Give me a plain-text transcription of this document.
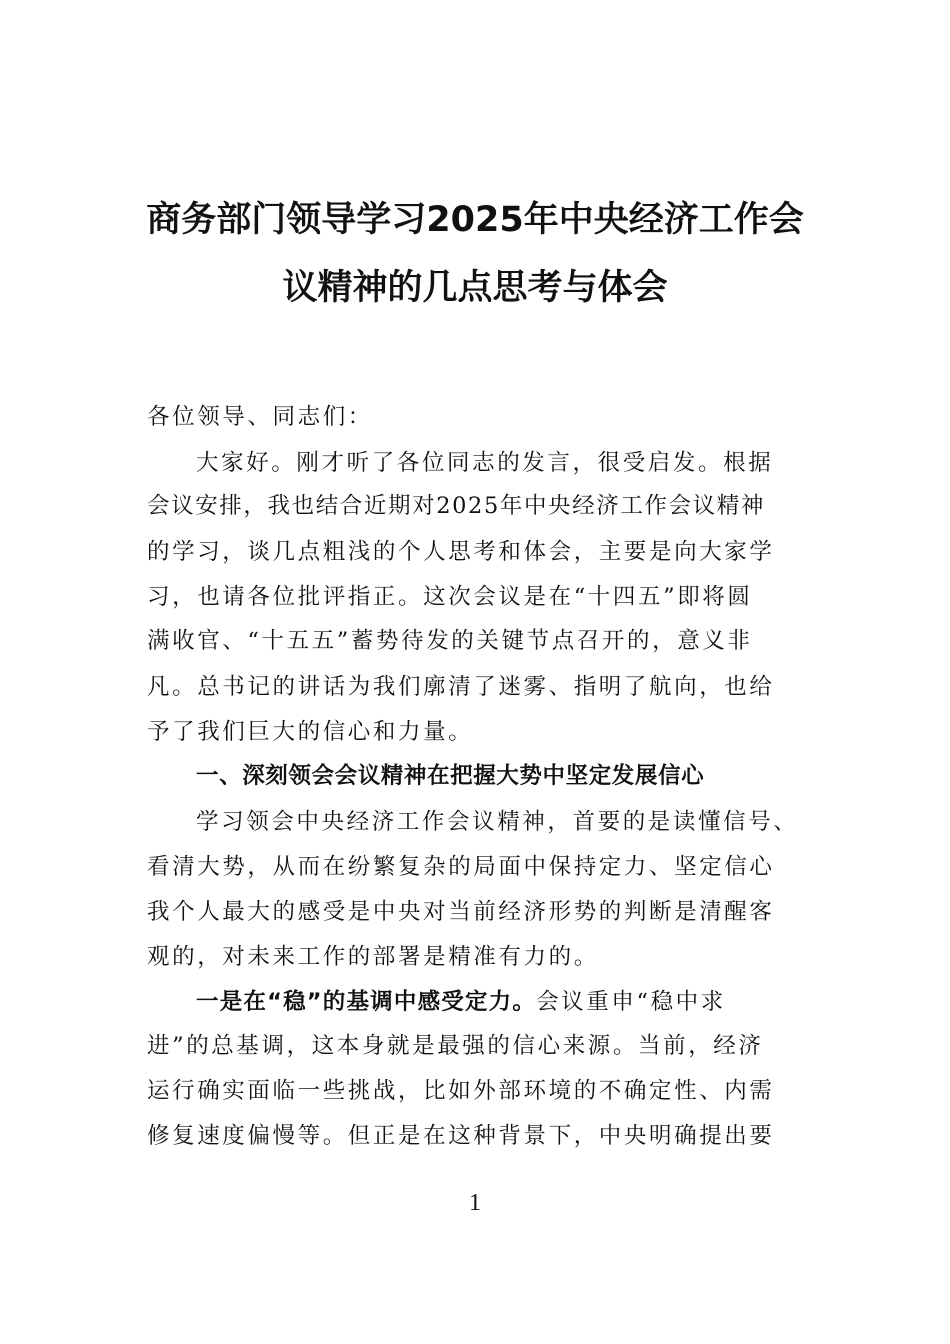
商务部门领导学习2025年中央经济工作会
议精神的几点思考与体会
各位领导、同志们：
大家好。刚才听了各位同志的发言，很受启发。根据
会议安排，我也结合近期对2025年中央经济工作会议精神
的学习，谈几点粗浅的个人思考和体会，主要是向大家学
习，也请各位批评指正。这次会议是在“十四五”即将圆
满收官、“十五五”蓄势待发的关键节点召开的，意义非
凡。总书记的讲话为我们廓清了迷雾、指明了航向，也给
予了我们巨大的信心和力量。
一、深刻领会会议精神在把握大势中坚定发展信心
学习领会中央经济工作会议精神，首要的是读懂信号、
看清大势，从而在纷繁复杂的局面中保持定力、坚定信心
我个人最大的感受是中央对当前经济形势的判断是清醒客
观的，对未来工作的部署是精准有力的。
一是在“稳”的基调中感受定力。会议重申“稳中求
进”的总基调，这本身就是最强的信心来源。当前，经济
运行确实面临一些挑战，比如外部环境的不确定性、内需
修复速度偏慢等。但正是在这种背景下，中央明确提出要
1
